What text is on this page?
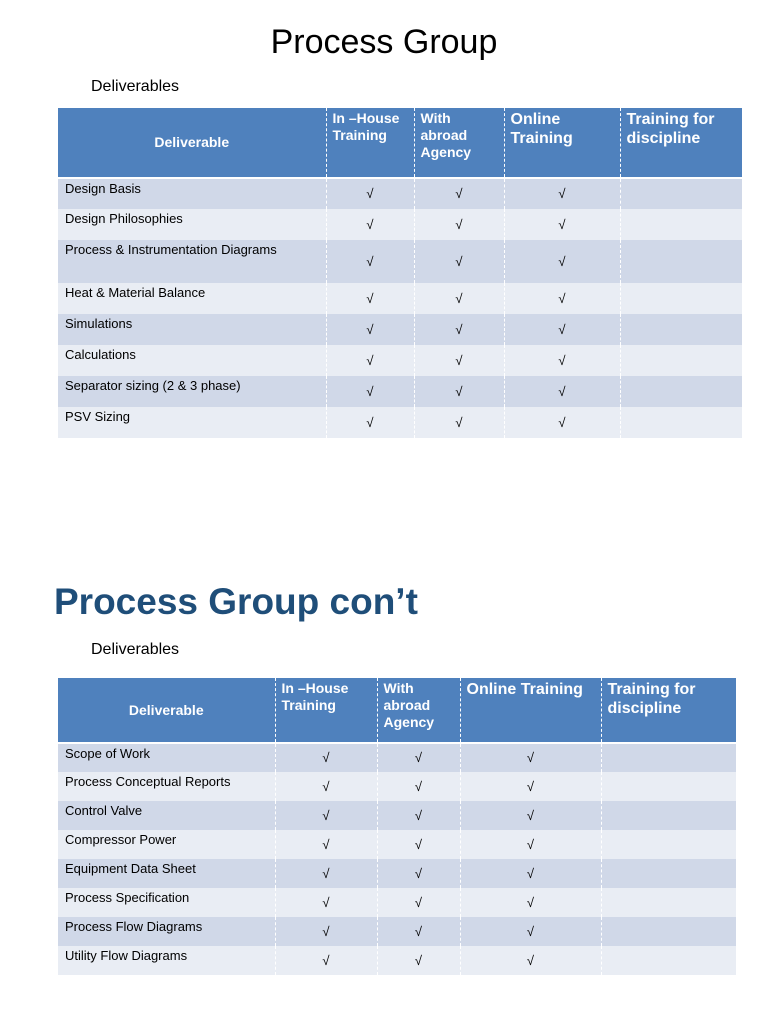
Process Group
Deliverables
Deliverable	In –House Training	With abroad Agency	Online Training	Training for discipline
Design Basis	√	√	√	
Design Philosophies	√	√	√	
Process & Instrumentation Diagrams	√	√	√	
Heat & Material Balance	√	√	√	
Simulations	√	√	√	
Calculations	√	√	√	
Separator sizing (2 & 3 phase)	√	√	√	
PSV Sizing	√	√	√	
Process Group con’t
Deliverables
Deliverable	In –House Training	With abroad Agency	Online Training	Training for discipline
Scope of Work	√	√	√	
Process Conceptual Reports	√	√	√	
Control Valve	√	√	√	
Compressor Power	√	√	√	
Equipment Data Sheet	√	√	√	
Process Specification	√	√	√	
Process Flow Diagrams	√	√	√	
Utility Flow Diagrams	√	√	√	
